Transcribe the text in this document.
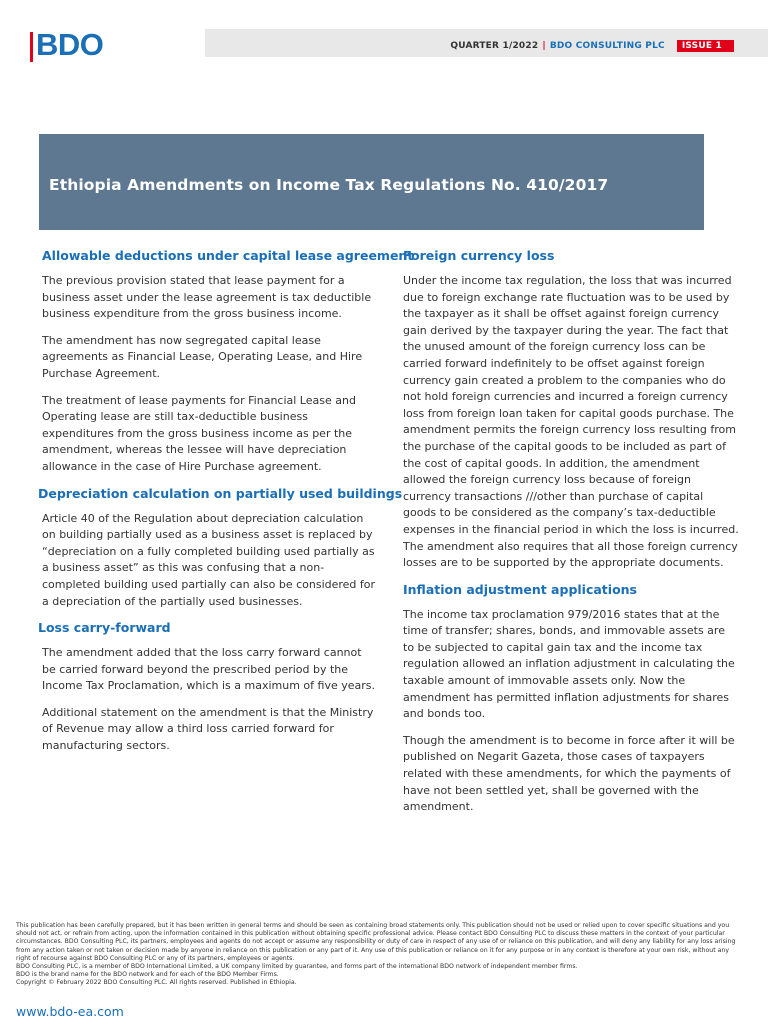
BDO	QUARTER 1/2022 | BDO CONSULTING PLC	ISSUE 1
Ethiopia Amendments on Income Tax Regulations No. 410/2017
Allowable deductions under capital lease agreement

The previous provision stated that lease payment for a business asset under the lease agreement is tax deductible business expenditure from the gross business income.

The amendment has now segregated capital lease agreements as Financial Lease, Operating Lease, and Hire Purchase Agreement.

The treatment of lease payments for Financial Lease and Operating lease are still tax-deductible business expenditures from the gross business income as per the amendment, whereas the lessee will have depreciation allowance in the case of Hire Purchase agreement.

Depreciation calculation on partially used buildings

Article 40 of the Regulation about depreciation calculation on building partially used as a business asset is replaced by “depreciation on a fully completed building used partially as a business asset” as this was confusing that a non-completed building used partially can also be considered for a depreciation of the partially used businesses.

Loss carry-forward

The amendment added that the loss carry forward cannot be carried forward beyond the prescribed period by the Income Tax Proclamation, which is a maximum of five years.

Additional statement on the amendment is that the Ministry of Revenue may allow a third loss carried forward for manufacturing sectors.

Foreign currency loss

Under the income tax regulation, the loss that was incurred due to foreign exchange rate fluctuation was to be used by the taxpayer as it shall be offset against foreign currency gain derived by the taxpayer during the year. The fact that the unused amount of the foreign currency loss can be carried forward indefinitely to be offset against foreign currency gain created a problem to the companies who do not hold foreign currencies and incurred a foreign currency loss from foreign loan taken for capital goods purchase. The amendment permits the foreign currency loss resulting from the purchase of the capital goods to be included as part of the cost of capital goods. In addition, the amendment allowed the foreign currency loss because of foreign currency transactions ///other than purchase of capital goods to be considered as the company’s tax-deductible expenses in the financial period in which the loss is incurred. The amendment also requires that all those foreign currency losses are to be supported by the appropriate documents.

Inflation adjustment applications

The income tax proclamation 979/2016 states that at the time of transfer; shares, bonds, and immovable assets are to be subjected to capital gain tax and the income tax regulation allowed an inflation adjustment in calculating the taxable amount of immovable assets only. Now the amendment has permitted inflation adjustments for shares and bonds too.

Though the amendment is to become in force after it will be published on Negarit Gazeta, those cases of taxpayers related with these amendments, for which the payments of have not been settled yet, shall be governed with the amendment.

This publication has been carefully prepared, but it has been written in general terms and should be seen as containing broad statements only. This publication should not be used or relied upon to cover specific situations and you should not act, or refrain from acting, upon the information contained in this publication without obtaining specific professional advice. Please contact BDO Consulting PLC to discuss these matters in the context of your particular circumstances. BDO Consulting PLC, its partners, employees and agents do not accept or assume any responsibility or duty of care in respect of any use of or reliance on this publication, and will deny any liability for any loss arising from any action taken or not taken or decision made by anyone in reliance on this publication or any part of it. Any use of this publication or reliance on it for any purpose or in any context is therefore at your own risk, without any right of recourse against BDO Consulting PLC or any of its partners, employees or agents.

BDO Consulting PLC, is a member of BDO International Limited, a UK company limited by guarantee, and forms part of the international BDO network of independent member firms.

BDO is the brand name for the BDO network and for each of the BDO Member Firms.

Copyright © February 2022 BDO Consulting PLC. All rights reserved. Published in Ethiopia.

www.bdo-ea.com
